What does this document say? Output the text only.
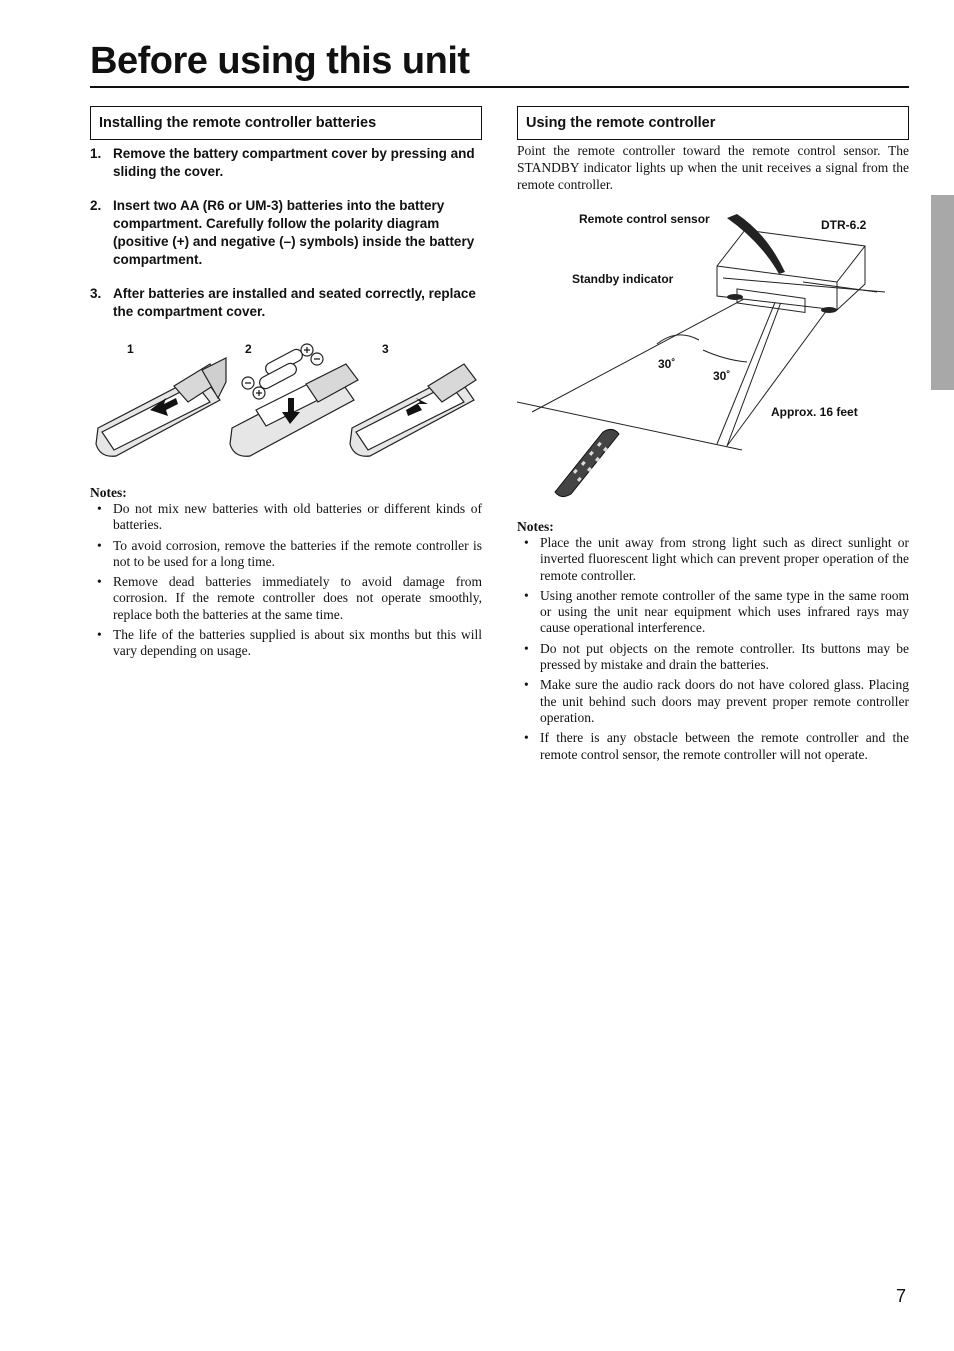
Before using this unit
Installing the remote controller batteries
1. Remove the battery compartment cover by pressing and sliding the cover.
2. Insert two AA (R6 or UM-3) batteries into the battery compartment. Carefully follow the polarity diagram (positive (+) and negative (–) symbols) inside the battery compartment.
3. After batteries are installed and seated correctly, replace the compartment cover.
1	2	3
Notes:
• Do not mix new batteries with old batteries or different kinds of batteries.
• To avoid corrosion, remove the batteries if the remote controller is not to be used for a long time.
• Remove dead batteries immediately to avoid damage from corrosion. If the remote controller does not operate smoothly, replace both the batteries at the same time.
• The life of the batteries supplied is about six months but this will vary depending on usage.
Using the remote controller

Point the remote controller toward the remote control sensor. The STANDBY indicator lights up when the unit receives a signal from the remote controller.

Remote control sensor	DTR-6.2
Standby indicator
30˚
30˚
Approx. 16 feet
Notes:
• Place the unit away from strong light such as direct sunlight or inverted fluorescent light which can prevent proper operation of the remote controller.
• Using another remote controller of the same type in the same room or using the unit near equipment which uses infrared rays may cause operational interference.
• Do not put objects on the remote controller. Its buttons may be pressed by mistake and drain the batteries.
• Make sure the audio rack doors do not have colored glass. Placing the unit behind such doors may prevent proper remote controller operation.
• If there is any obstacle between the remote controller and the remote control sensor, the remote controller will not operate.
7
